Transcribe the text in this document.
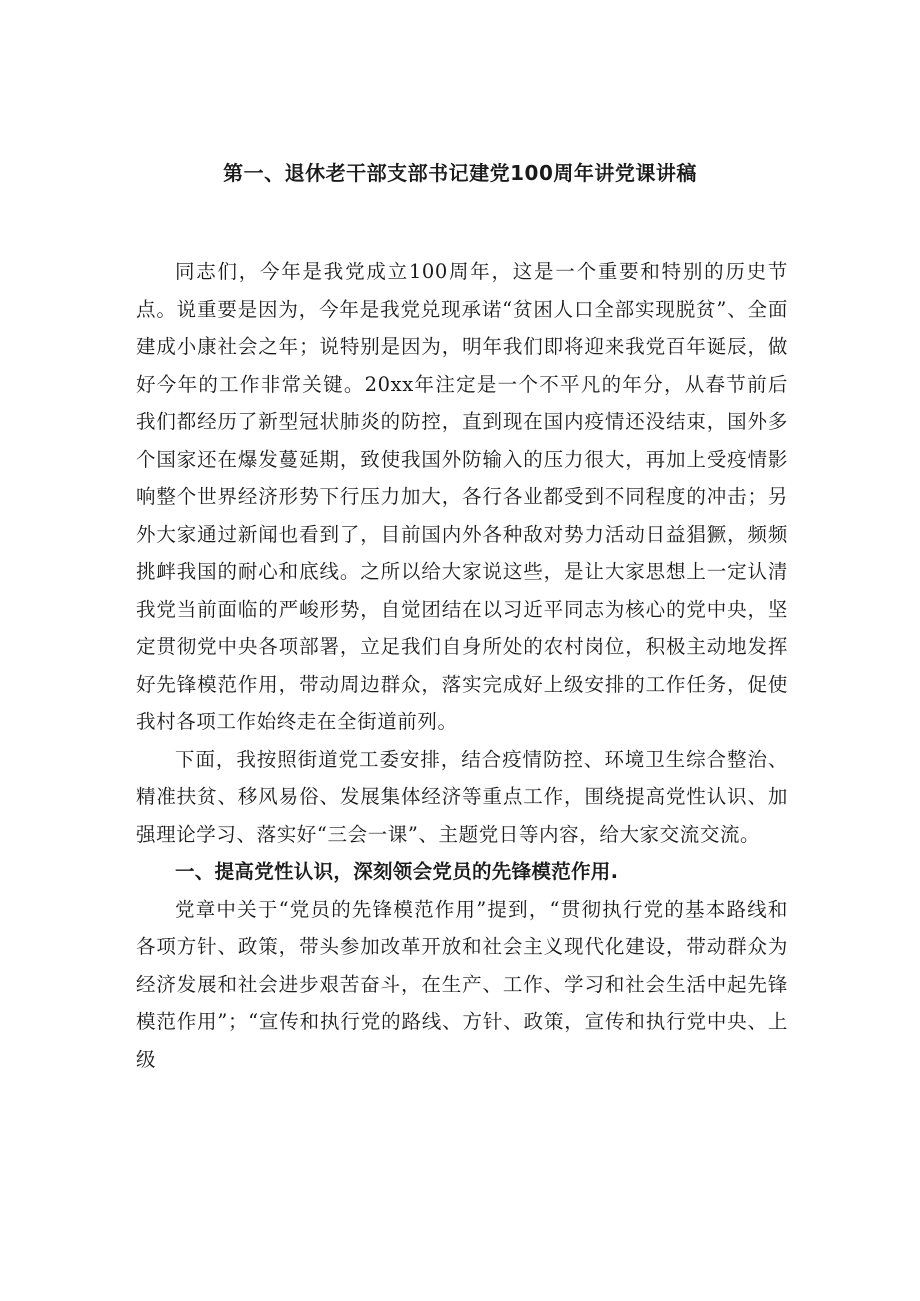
第一、退休老干部支部书记建党100周年讲党课讲稿

同志们，今年是我党成立100周年，这是一个重要和特别的历史节点。说重要是因为，今年是我党兑现承诺“贫困人口全部实现脱贫”、全面建成小康社会之年；说特别是因为，明年我们即将迎来我党百年诞辰，做好今年的工作非常关键。20xx年注定是一个不平凡的年分，从春节前后我们都经历了新型冠状肺炎的防控，直到现在国内疫情还没结束，国外多个国家还在爆发蔓延期，致使我国外防输入的压力很大，再加上受疫情影响整个世界经济形势下行压力加大，各行各业都受到不同程度的冲击；另外大家通过新闻也看到了，目前国内外各种敌对势力活动日益猖獗，频频挑衅我国的耐心和底线。之所以给大家说这些，是让大家思想上一定认清我党当前面临的严峻形势，自觉团结在以习近平同志为核心的党中央，坚定贯彻党中央各项部署，立足我们自身所处的农村岗位，积极主动地发挥好先锋模范作用，带动周边群众，落实完成好上级安排的工作任务，促使我村各项工作始终走在全街道前列。

下面，我按照街道党工委安排，结合疫情防控、环境卫生综合整治、精准扶贫、移风易俗、发展集体经济等重点工作，围绕提高党性认识、加强理论学习、落实好“三会一课”、主题党日等内容，给大家交流交流。

一、提高党性认识，深刻领会党员的先锋模范作用.

党章中关于“党员的先锋模范作用”提到，“贯彻执行党的基本路线和各项方针、政策，带头参加改革开放和社会主义现代化建设，带动群众为经济发展和社会进步艰苦奋斗，在生产、工作、学习和社会生活中起先锋模范作用”；“宣传和执行党的路线、方针、政策，宣传和执行党中央、上级
